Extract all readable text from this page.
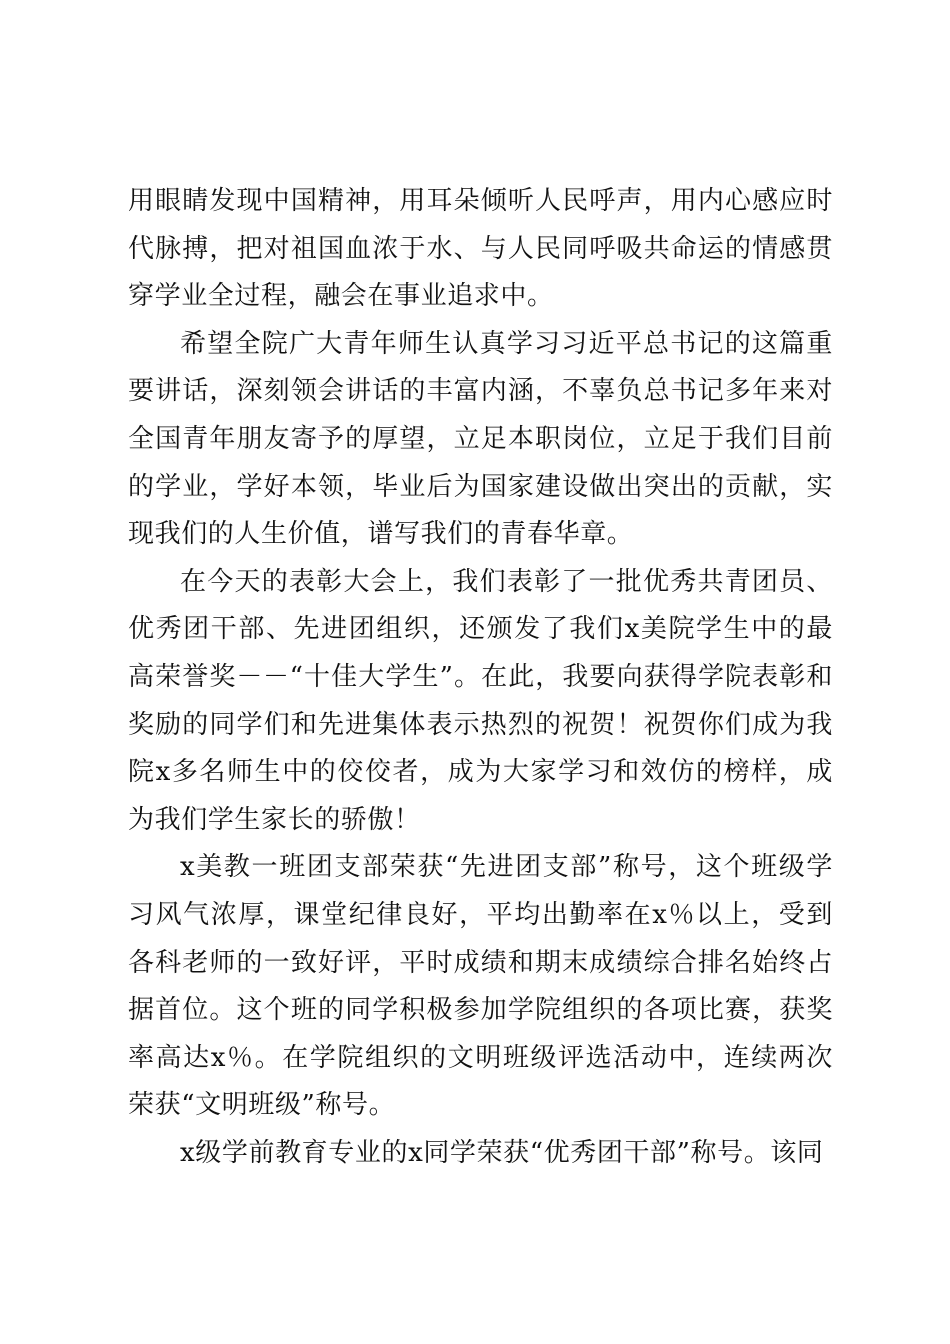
用眼睛发现中国精神，用耳朵倾听人民呼声，用内心感应时代脉搏，把对祖国血浓于水、与人民同呼吸共命运的情感贯穿学业全过程，融会在事业追求中。

希望全院广大青年师生认真学习习近平总书记的这篇重要讲话，深刻领会讲话的丰富内涵，不辜负总书记多年来对全国青年朋友寄予的厚望，立足本职岗位，立足于我们目前的学业，学好本领，毕业后为国家建设做出突出的贡献，实现我们的人生价值，谱写我们的青春华章。

在今天的表彰大会上，我们表彰了一批优秀共青团员、优秀团干部、先进团组织，还颁发了我们x美院学生中的最高荣誉奖－－“十佳大学生”。在此，我要向获得学院表彰和奖励的同学们和先进集体表示热烈的祝贺！祝贺你们成为我院x多名师生中的佼佼者，成为大家学习和效仿的榜样，成为我们学生家长的骄傲！

x美教一班团支部荣获“先进团支部”称号，这个班级学习风气浓厚，课堂纪律良好，平均出勤率在x％以上，受到各科老师的一致好评，平时成绩和期末成绩综合排名始终占据首位。这个班的同学积极参加学院组织的各项比赛，获奖率高达x％。在学院组织的文明班级评选活动中，连续两次荣获“文明班级”称号。

x级学前教育专业的x同学荣获“优秀团干部”称号。该同
